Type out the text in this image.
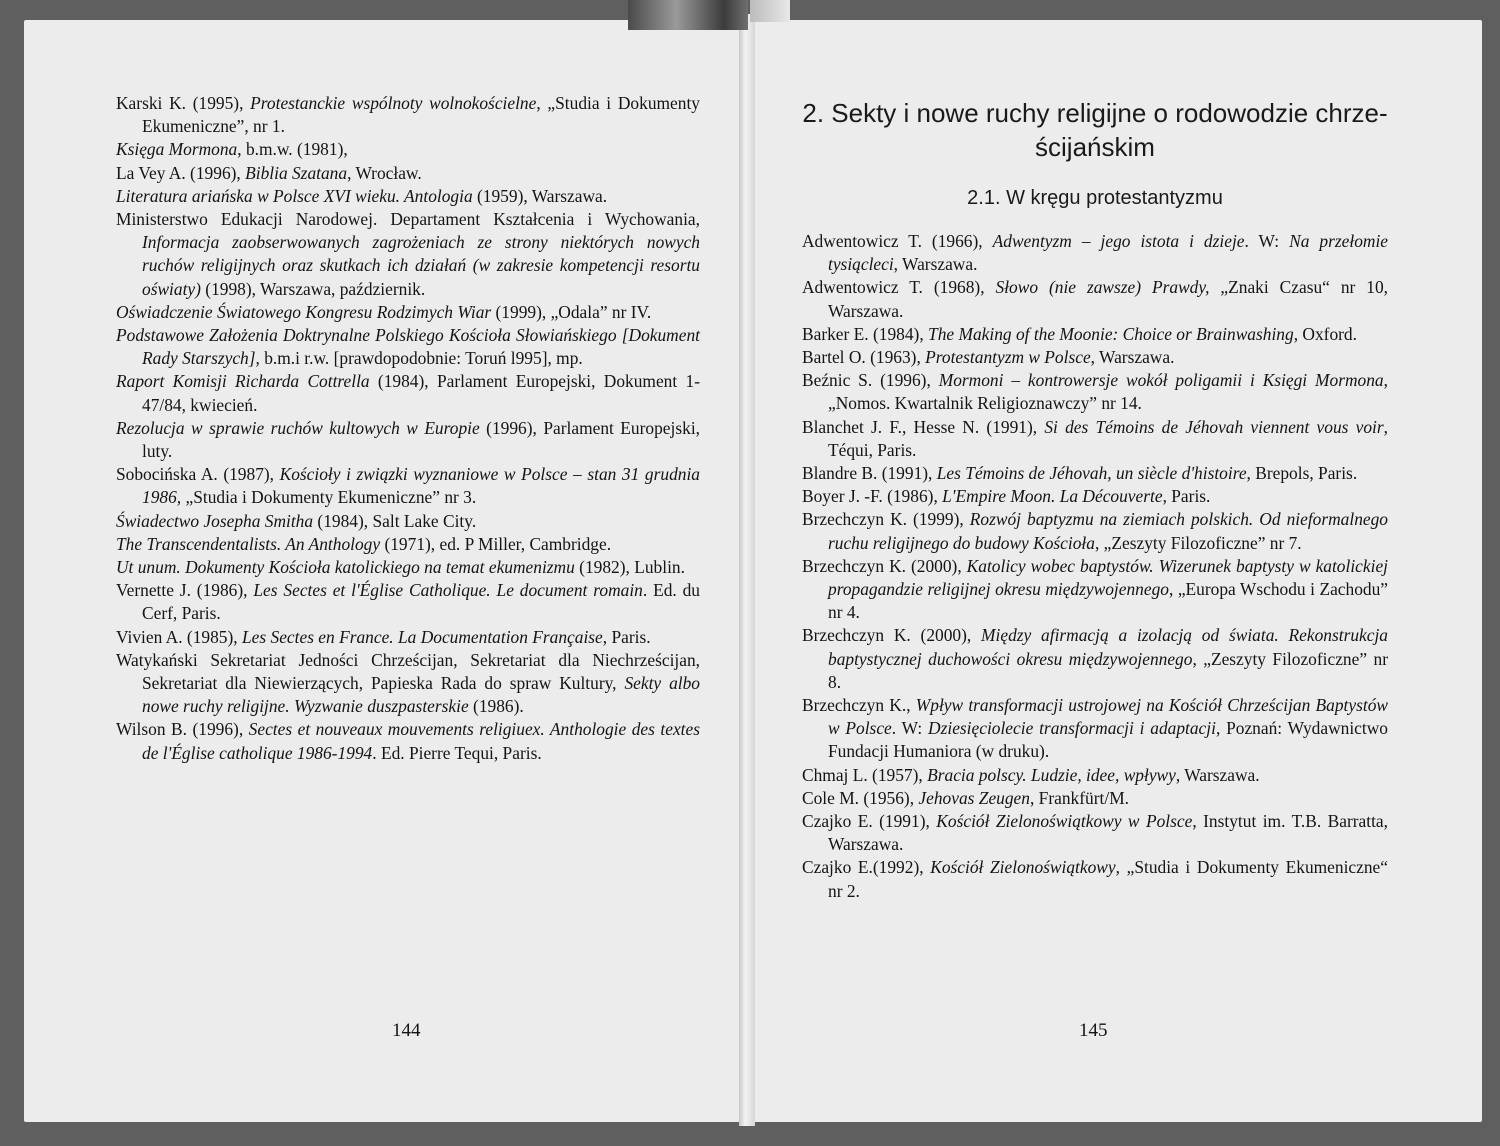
Karski K. (1995), Protestanckie wspólnoty wolnokościelne, „Studia i Dokumenty Ekumeniczne”, nr 1.
Księga Mormona, b.m.w. (1981),
La Vey A. (1996), Biblia Szatana, Wrocław.
Literatura ariańska w Polsce XVI wieku. Antologia (1959), Warszawa.
Ministerstwo Edukacji Narodowej. Departament Kształcenia i Wychowania, Informacja zaobserwowanych zagrożeniach ze strony niektórych nowych ruchów religijnych oraz skutkach ich działań (w zakresie kompetencji resortu oświaty) (1998), Warszawa, październik.
Oświadczenie Światowego Kongresu Rodzimych Wiar (1999), „Odala” nr IV.
Podstawowe Założenia Doktrynalne Polskiego Kościoła Słowiańskiego [Dokument Rady Starszych], b.m.i r.w. [prawdopodobnie: Toruń l995], mp.
Raport Komisji Richarda Cottrella (1984), Parlament Europejski, Dokument 1-47/84, kwiecień.
Rezolucja w sprawie ruchów kultowych w Europie (1996), Parlament Europejski, luty.
Sobocińska A. (1987), Kościoły i związki wyznaniowe w Polsce – stan 31 grudnia 1986, „Studia i Dokumenty Ekumeniczne” nr 3.
Świadectwo Josepha Smitha (1984), Salt Lake City.
The Transcendentalists. An Anthology (1971), ed. P Miller, Cambridge.
Ut unum. Dokumenty Kościoła katolickiego na temat ekumenizmu (1982), Lublin.
Vernette J. (1986), Les Sectes et l'Église Catholique. Le document romain. Ed. du Cerf, Paris.
Vivien A. (1985), Les Sectes en France. La Documentation Française, Paris.
Watykański Sekretariat Jedności Chrześcijan, Sekretariat dla Niechrześcijan, Sekretariat dla Niewierzących, Papieska Rada do spraw Kultury, Sekty albo nowe ruchy religijne. Wyzwanie duszpasterskie (1986).
Wilson B. (1996), Sectes et nouveaux mouvements religiuex. Anthologie des textes de l'Église catholique 1986-1994. Ed. Pierre Tequi, Paris.
2. Sekty i nowe ruchy religijne o rodowodzie chrze- ścijańskim
2.1. W kręgu protestantyzmu
Adwentowicz T. (1966), Adwentyzm – jego istota i dzieje. W: Na przełomie tysiącleci, Warszawa.
Adwentowicz T. (1968), Słowo (nie zawsze) Prawdy, „Znaki Czasu“ nr 10, Warszawa.
Barker E. (1984), The Making of the Moonie: Choice or Brainwashing, Oxford.
Bartel O. (1963), Protestantyzm w Polsce, Warszawa.
Beźnic S. (1996), Mormoni – kontrowersje wokół poligamii i Księgi Mormona, „Nomos. Kwartalnik Religioznawczy” nr 14.
Blanchet J. F., Hesse N. (1991), Si des Témoins de Jéhovah viennent vous voir, Téqui, Paris.
Blandre B. (1991), Les Témoins de Jéhovah, un siècle d'histoire, Brepols, Paris.
Boyer J. -F. (1986), L'Empire Moon. La Découverte, Paris.
Brzechczyn K. (1999), Rozwój baptyzmu na ziemiach polskich. Od nieformalnego ruchu religijnego do budowy Kościoła, „Zeszyty Filozoficzne” nr 7.
Brzechczyn K. (2000), Katolicy wobec baptystów. Wizerunek baptysty w katolickiej propagandzie religijnej okresu międzywojennego, „Europa Wschodu i Zachodu” nr 4.
Brzechczyn K. (2000), Między afirmacją a izolacją od świata. Rekonstrukcja baptystycznej duchowości okresu międzywojennego, „Zeszyty Filozoficzne” nr 8.
Brzechczyn K., Wpływ transformacji ustrojowej na Kościół Chrześcijan Baptystów w Polsce. W: Dziesięciolecie transformacji i adaptacji, Poznań: Wydawnictwo Fundacji Humaniora (w druku).
Chmaj L. (1957), Bracia polscy. Ludzie, idee, wpływy, Warszawa.
Cole M. (1956), Jehovas Zeugen, Frankfürt/M.
Czajko E. (1991), Kościół Zielonoświątkowy w Polsce, Instytut im. T.B. Barratta, Warszawa.
Czajko E.(1992), Kościół Zielonoświątkowy, „Studia i Dokumenty Ekumeniczne“ nr 2.
144	145
